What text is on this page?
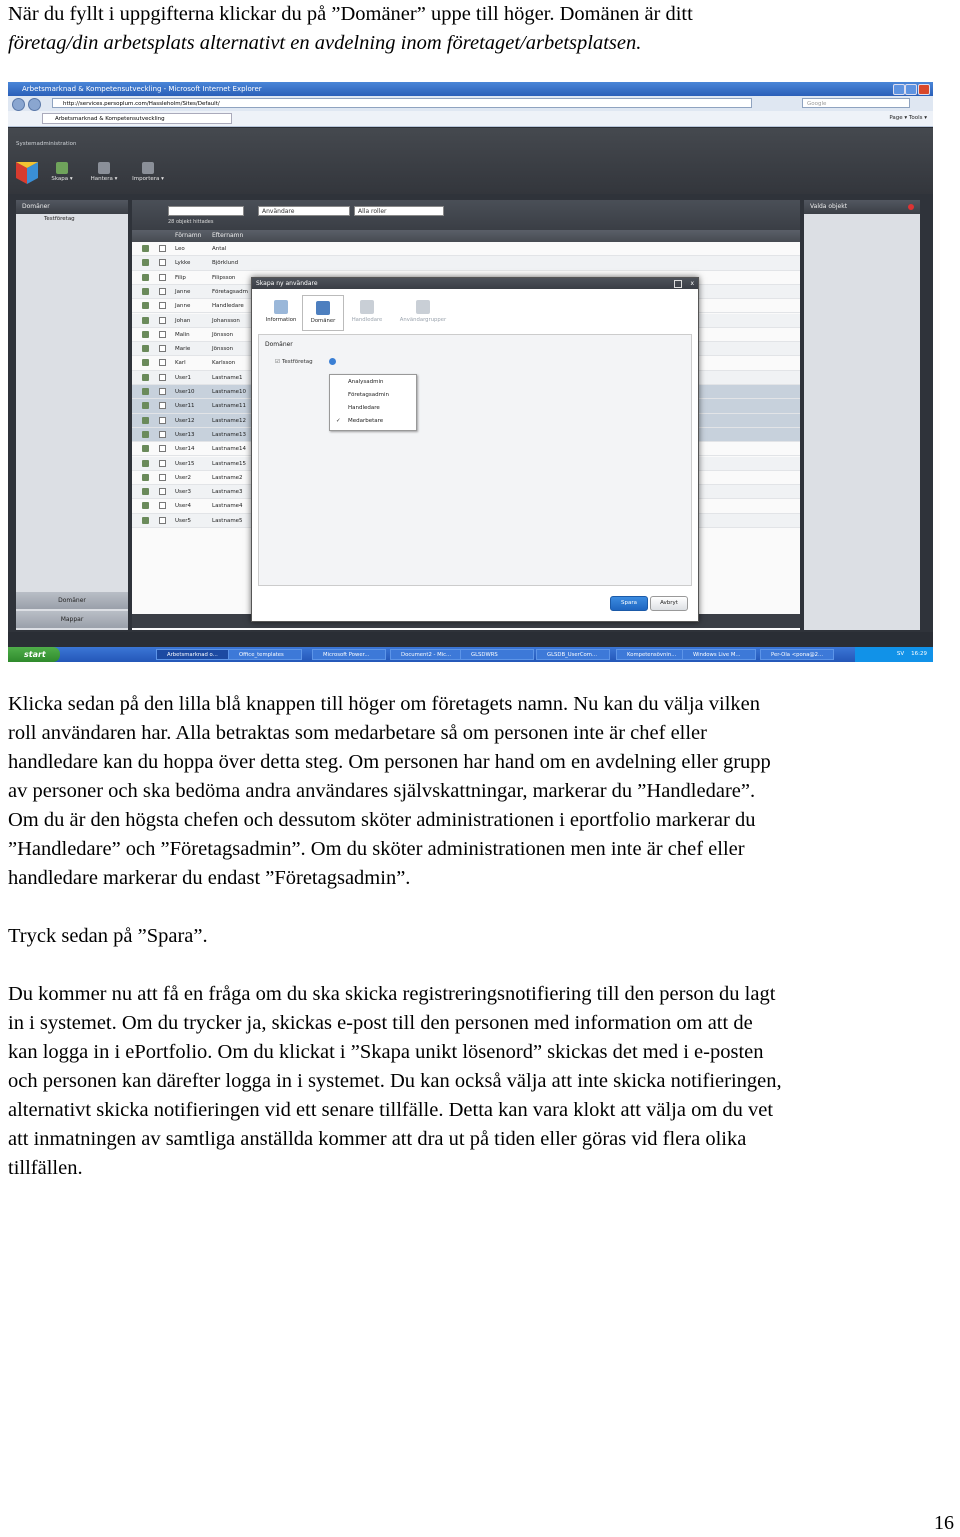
När du fyllt i uppgifterna klickar du på ”Domäner” uppe till höger. Domänen är ditt
företag/din arbetsplats alternativt en avdelning inom företaget/arbetsplatsen.
Arbetsmarknad & Kompetensutveckling - Microsoft Internet Explorer
http://services.persoplum.com/Hassleholm/Sites/Default/	Google
Arbetsmarknad & Kompetensutveckling	Page ▾ Tools ▾
Systemadministration
Skapa ▾	Hantera ▾	Importera ▾
Domäner
Testföretag
Domäner
Mappar
Användare	Alla roller
28 objekt hittades
Förnamn Efternamn
Leo	Antal
Lykke	Björklund
Filip	Filipsson
Janne	Företagsadm
Janne	Handledare
Johan	Johansson
Malin	Jönsson
Marie	Jönsson
Karl	Karlsson
User1	Lastname1
User10	Lastname10
User11	Lastname11
User12	Lastname12
User13	Lastname13
User14	Lastname14
User15	Lastname15
User2	Lastname2
User3	Lastname3
User4	Lastname4
User5	Lastname5
Valda objekt
Skapa ny användare	x
Information	Domäner	Handledare	Användargrupper
Domäner
☑ Testföretag
Analysadmin
Företagsadmin
Handledare
✓ Medarbetare
Spara	Avbryt
start	Arbetsmarknad o...	Office_templates	Microsoft Power...	Document2 - Mic...	GLSDWRS	GLSDB_UserCom...	Kompetensövnin...	Windows Live M...	Per-Ola <pona@2...	SV 16:29
Klicka sedan på den lilla blå knappen till höger om företagets namn. Nu kan du välja vilken
roll användaren har. Alla betraktas som medarbetare så om personen inte är chef eller
handledare kan du hoppa över detta steg. Om personen har hand om en avdelning eller grupp
av personer och ska bedöma andra användares självskattningar, markerar du ”Handledare”.
Om du är den högsta chefen och dessutom sköter administrationen i eportfolio markerar du
”Handledare” och ”Företagsadmin”. Om du sköter administrationen men inte är chef eller
handledare markerar du endast ”Företagsadmin”.
Tryck sedan på ”Spara”.
Du kommer nu att få en fråga om du ska skicka registreringsnotifiering till den person du lagt
in i systemet. Om du trycker ja, skickas e-post till den personen med information om att de
kan logga in i ePortfolio. Om du klickat i ”Skapa unikt lösenord” skickas det med i e-posten
och personen kan därefter logga in i systemet. Du kan också välja att inte skicka notifieringen,
alternativt skicka notifieringen vid ett senare tillfälle. Detta kan vara klokt att välja om du vet
att inmatningen av samtliga anställda kommer att dra ut på tiden eller göras vid flera olika
tillfällen.
16
